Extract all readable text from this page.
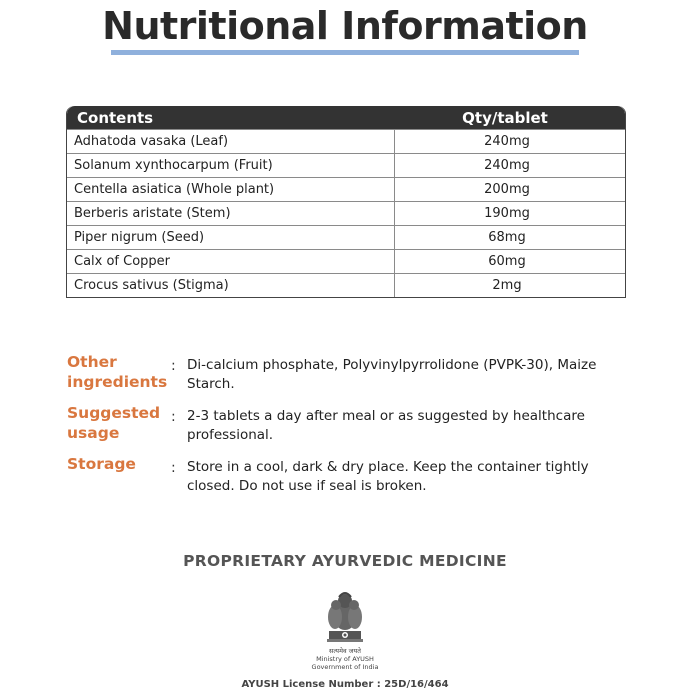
Nutritional Information
Contents	Qty/tablet
Adhatoda vasaka (Leaf)	240mg
Solanum xynthocarpum (Fruit)	240mg
Centella asiatica (Whole plant)	200mg
Berberis aristate (Stem)	190mg
Piper nigrum (Seed)	68mg
Calx of Copper	60mg
Crocus sativus (Stigma)	2mg
Other
ingredients
: Di-calcium phosphate, Polyvinylpyrrolidone (PVPK-30), Maize Starch.
Suggested
usage
: 2-3 tablets a day after meal or as suggested by healthcare professional.
Storage	: Store in a cool, dark & dry place. Keep the container tightly closed. Do not use if seal is broken.
PROPRIETARY AYURVEDIC MEDICINE
सत्यमेव जयते
Ministry of AYUSH
Government of India
AYUSH License Number : 25D/16/464
